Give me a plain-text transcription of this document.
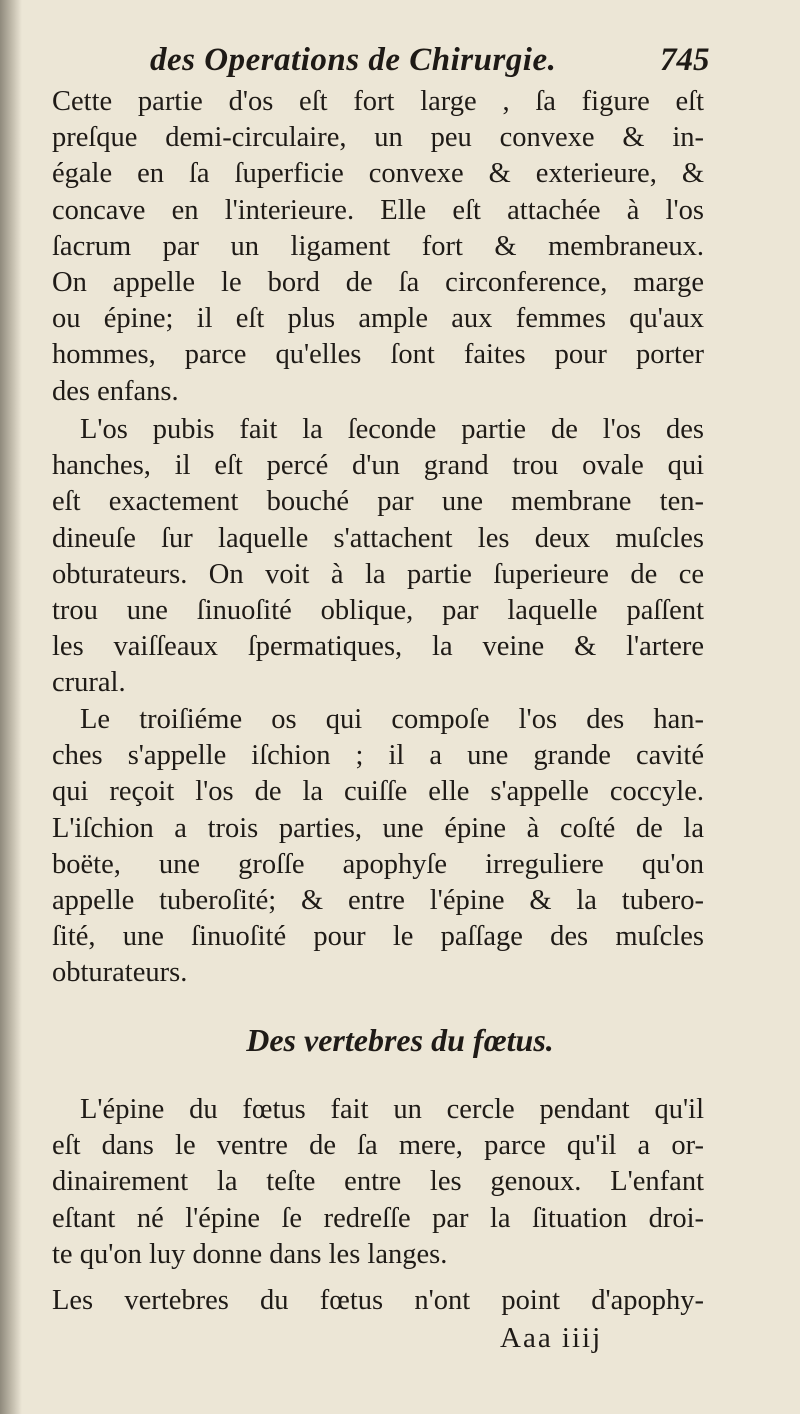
des Operations de Chirurgie.	745
Cette partie d'os eſt fort large , ſa figure eſt
preſque demi-circulaire, un peu convexe & in-
égale en ſa ſuperficie convexe & exterieure, &
concave en l'interieure. Elle eſt attachée à l'os
ſacrum par un ligament fort & membraneux.
On appelle le bord de ſa circonference, marge
ou épine; il eſt plus ample aux femmes qu'aux
hommes, parce qu'elles ſont faites pour porter
des enfans.
L'os pubis fait la ſeconde partie de l'os des
hanches, il eſt percé d'un grand trou ovale qui
eſt exactement bouché par une membrane ten-
dineuſe ſur laquelle s'attachent les deux muſcles
obturateurs. On voit à la partie ſuperieure de ce
trou une ſinuoſité oblique, par laquelle paſſent
les vaiſſeaux ſpermatiques, la veine & l'artere
crural.
Le troiſiéme os qui compoſe l'os des han-
ches s'appelle iſchion ; il a une grande cavité
qui reçoit l'os de la cuiſſe elle s'appelle coccyle.
L'iſchion a trois parties, une épine à coſté de la
boëte, une groſſe apophyſe irreguliere qu'on
appelle tuberoſité; & entre l'épine & la tubero-
ſité, une ſinuoſité pour le paſſage des muſcles
obturateurs.
Des vertebres du fœtus.
L'épine du fœtus fait un cercle pendant qu'il
eſt dans le ventre de ſa mere, parce qu'il a or-
dinairement la teſte entre les genoux. L'enfant
eſtant né l'épine ſe redreſſe par la ſituation droi-
te qu'on luy donne dans les langes.
Les vertebres du fœtus n'ont point d'apophy-
Aaa iiij
